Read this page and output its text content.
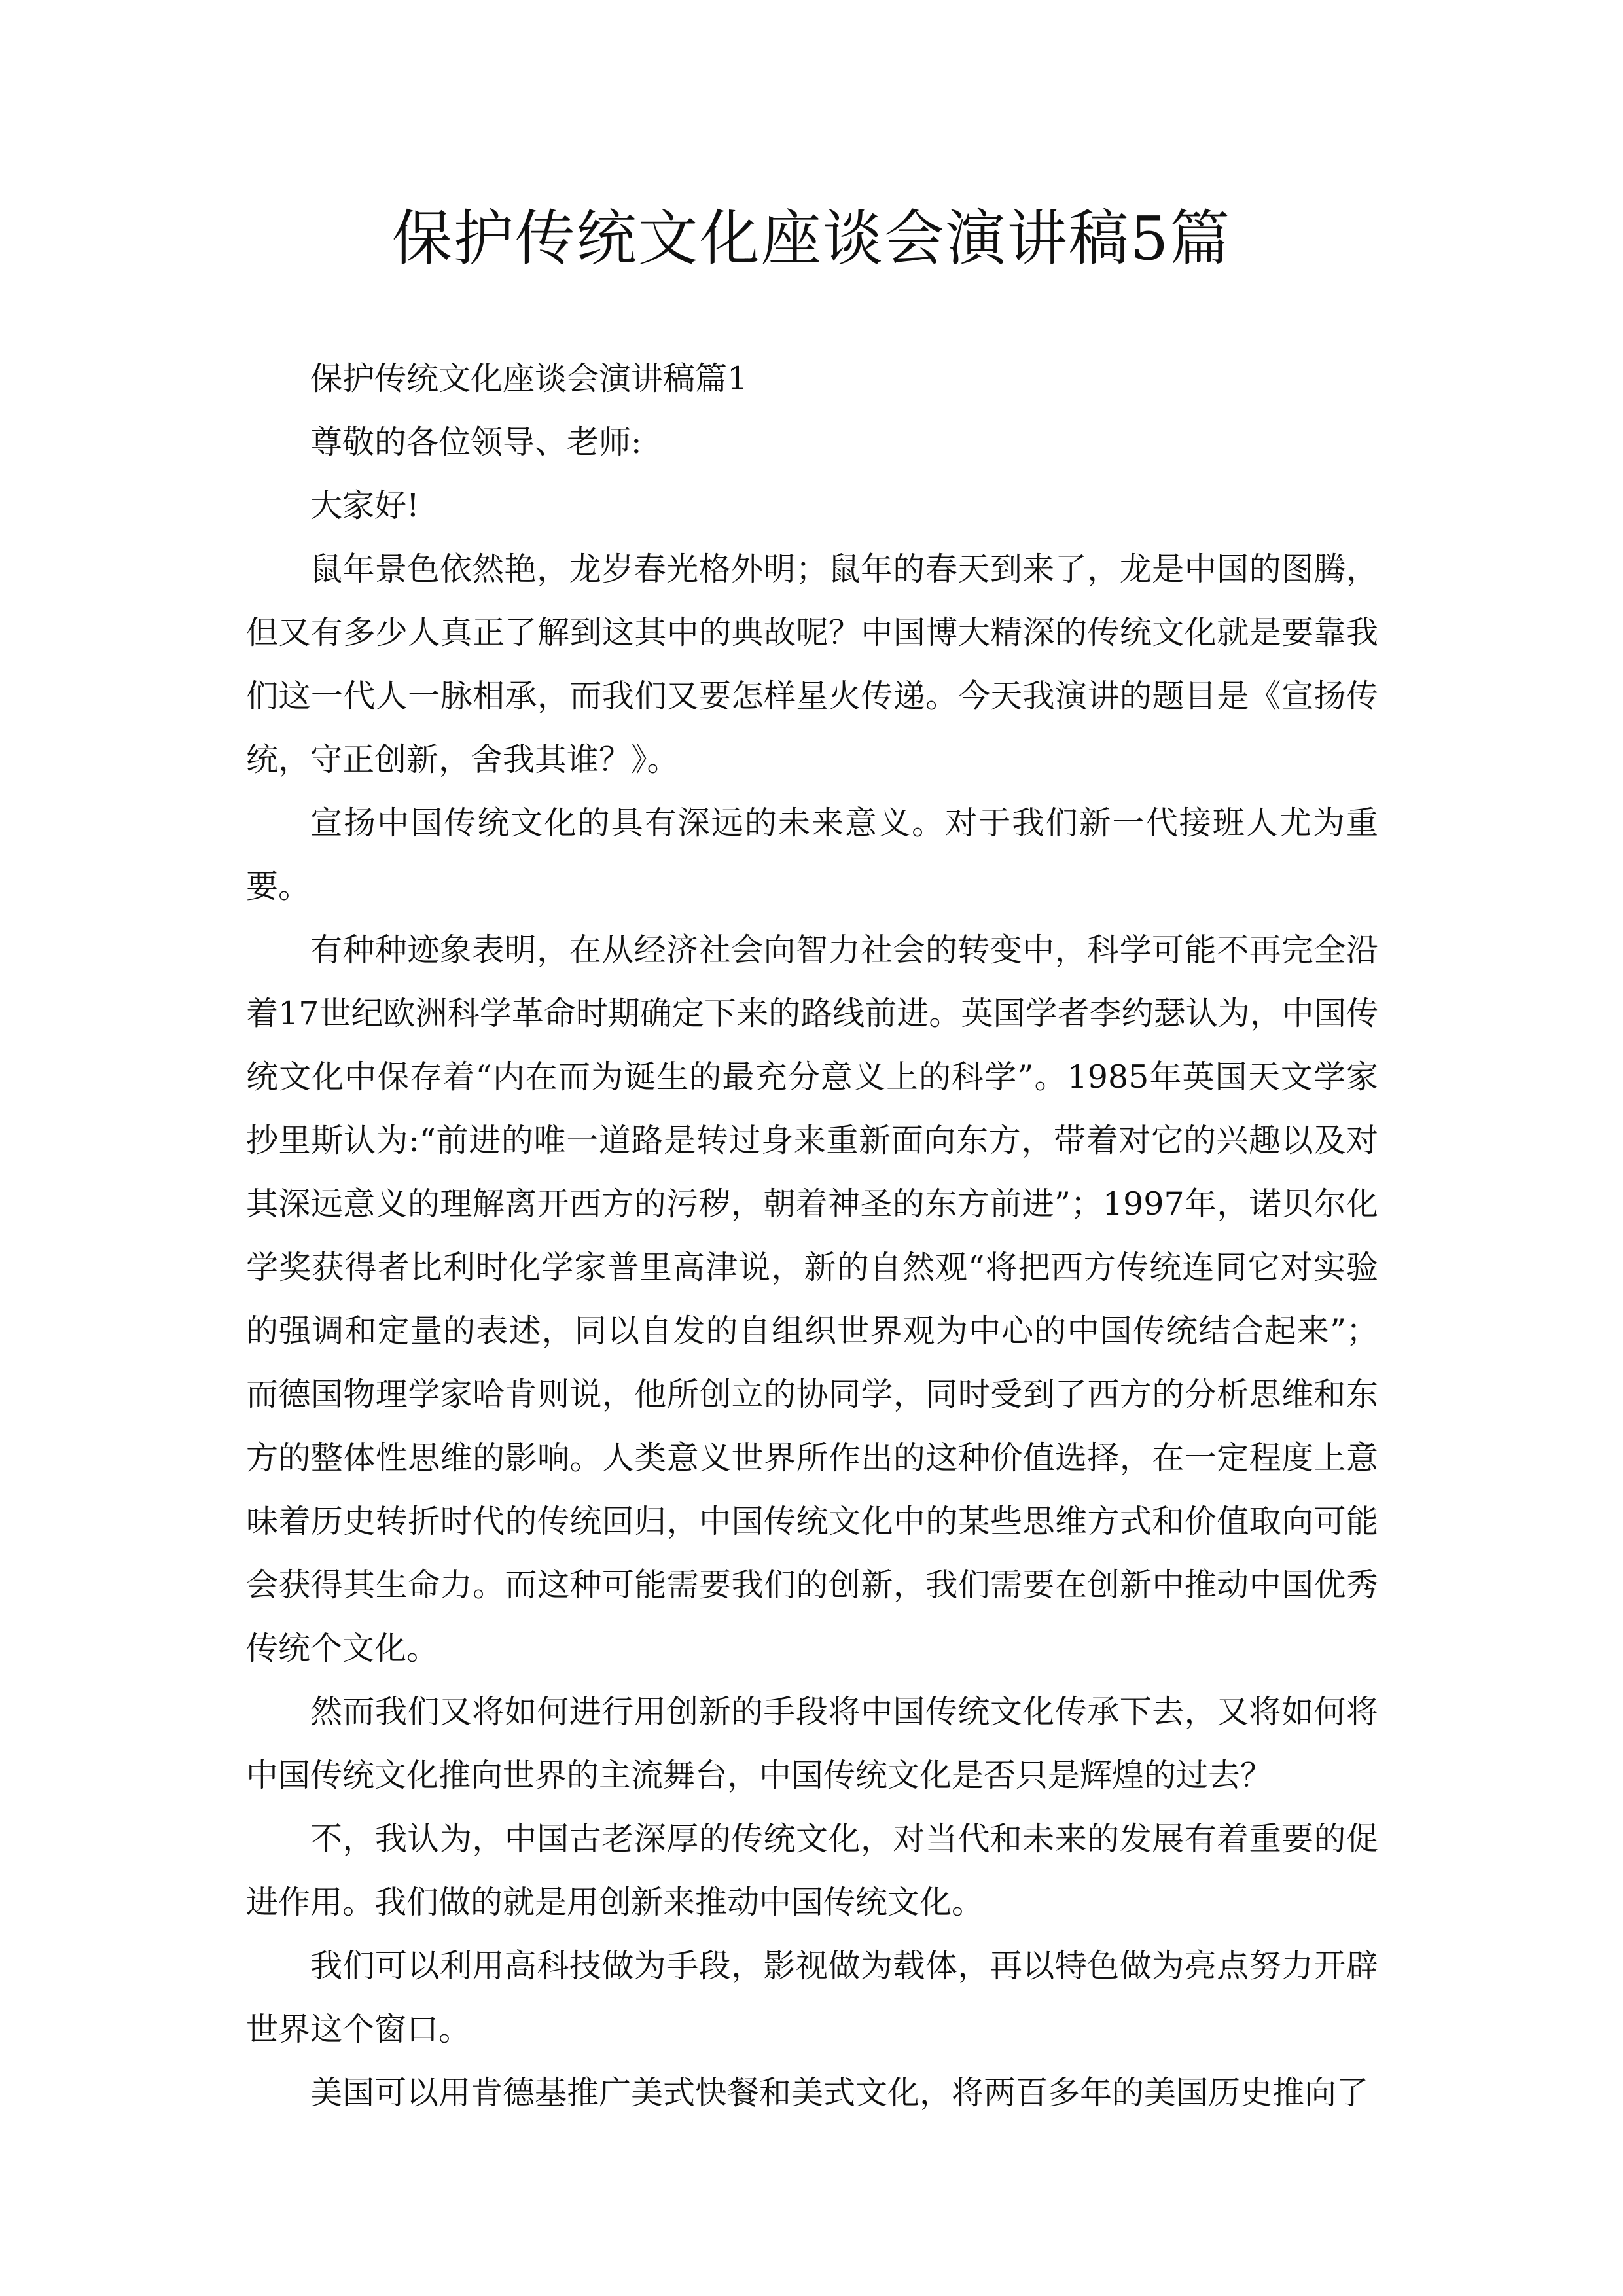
保护传统文化座谈会演讲稿5篇

保护传统文化座谈会演讲稿篇1

尊敬的各位领导、老师:

大家好!

鼠年景色依然艳，龙岁春光格外明；鼠年的春天到来了，龙是中国的图腾，但又有多少人真正了解到这其中的典故呢？中国博大精深的传统文化就是要靠我们这一代人一脉相承，而我们又要怎样星火传递。今天我演讲的题目是《宣扬传统，守正创新，舍我其谁？》。

宣扬中国传统文化的具有深远的未来意义。对于我们新一代接班人尤为重要。

有种种迹象表明，在从经济社会向智力社会的转变中，科学可能不再完全沿着17世纪欧洲科学革命时期确定下来的路线前进。英国学者李约瑟认为，中国传统文化中保存着“内在而为诞生的最充分意义上的科学”。1985年英国天文学家抄里斯认为:“前进的唯一道路是转过身来重新面向东方，带着对它的兴趣以及对其深远意义的理解离开西方的污秽，朝着神圣的东方前进”；1997年，诺贝尔化学奖获得者比利时化学家普里高津说，新的自然观“将把西方传统连同它对实验的强调和定量的表述，同以自发的自组织世界观为中心的中国传统结合起来”；而德国物理学家哈肯则说，他所创立的协同学，同时受到了西方的分析思维和东方的整体性思维的影响。人类意义世界所作出的这种价值选择，在一定程度上意味着历史转折时代的传统回归，中国传统文化中的某些思维方式和价值取向可能会获得其生命力。而这种可能需要我们的创新，我们需要在创新中推动中国优秀传统个文化。

然而我们又将如何进行用创新的手段将中国传统文化传承下去，又将如何将中国传统文化推向世界的主流舞台，中国传统文化是否只是辉煌的过去？

不，我认为，中国古老深厚的传统文化，对当代和未来的发展有着重要的促进作用。我们做的就是用创新来推动中国传统文化。

我们可以利用高科技做为手段，影视做为载体，再以特色做为亮点努力开辟世界这个窗口。

美国可以用肯德基推广美式快餐和美式文化，将两百多年的美国历史推向了
